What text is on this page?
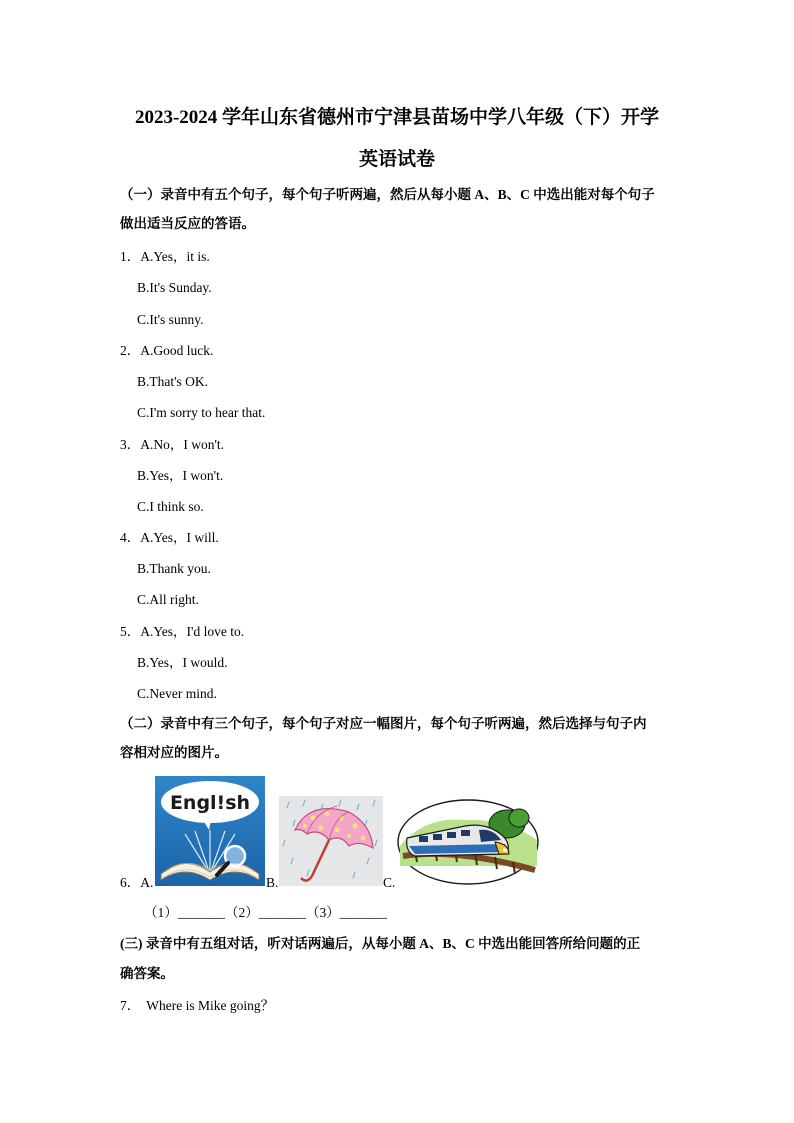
2023-2024 学年山东省德州市宁津县苗场中学八年级（下）开学
英语试卷
（一）录音中有五个句子，每个句子听两遍，然后从每小题 A、B、C 中选出能对每个句子
做出适当反应的答语。
1．A.Yes，it is.
B.It's Sunday.
C.It's sunny.
2．A.Good luck.
B.That's OK.
C.I'm sorry to hear that.
3．A.No，I won't.
B.Yes，I won't.
C.I think so.
4．A.Yes，I will.
B.Thank you.
C.All right.
5．A.Yes，I'd love to.
B.Yes，I would.
C.Never mind.
（二）录音中有三个句子，每个句子对应一幅图片，每个句子听两遍，然后选择与句子内
容相对应的图片。
6．A.
Engl!sh
B.	C.
（1）_______（2）_______（3）_______
(三) 录音中有五组对话，听对话两遍后，从每小题 A、B、C 中选出能回答所给问题的正
确答案。
7． Where is Mike going？
